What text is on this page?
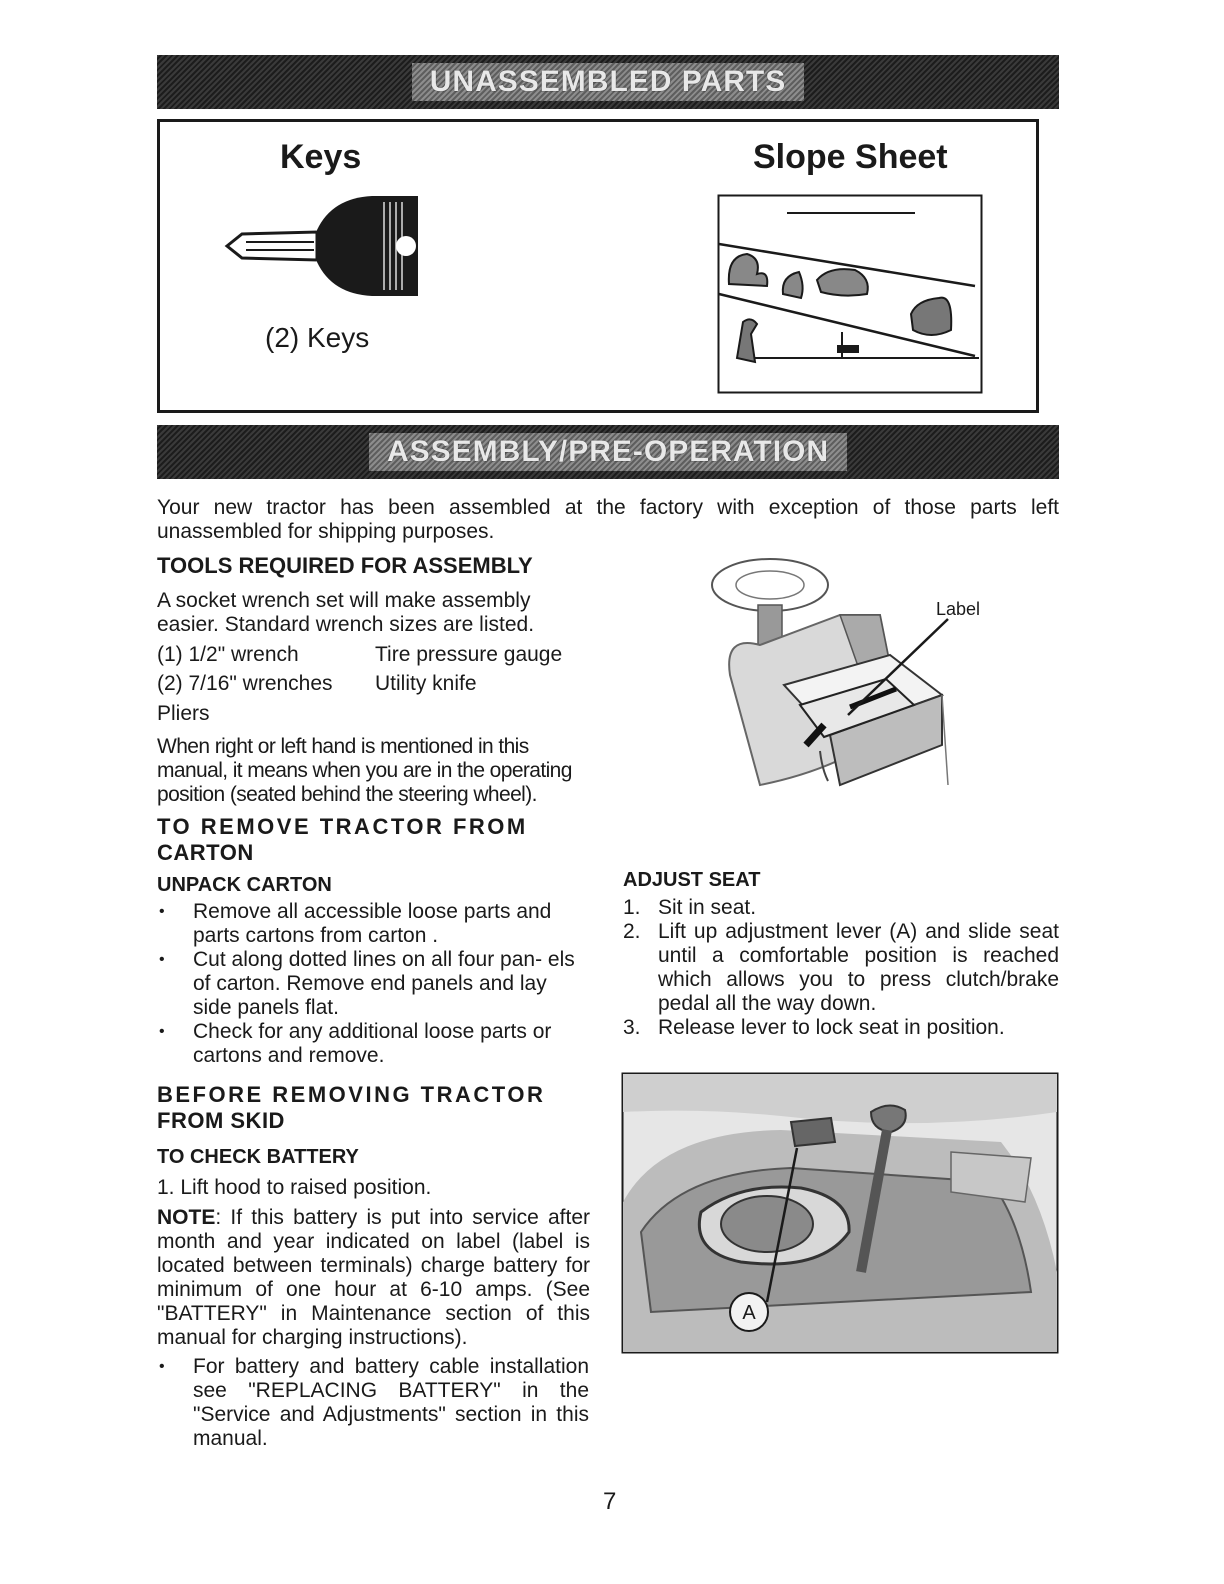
UNASSEMBLED PARTS
Keys	Slope Sheet
(2) Keys
ASSEMBLY/PRE-OPERATION
Your new tractor has been assembled at the factory with exception of those parts left unassembled for shipping purposes.
TOOLS REQUIRED FOR ASSEMBLY
A socket wrench set will make assembly easier. Standard wrench sizes are listed.
(1) 1/2" wrench	Tire pressure gauge
(2) 7/16" wrenches Utility knife
Pliers
When right or left hand is mentioned in this manual, it means when you are in the operating position (seated behind the steering wheel).
TO REMOVE TRACTOR FROM
CARTON
UNPACK CARTON
• Remove all accessible loose parts and parts cartons from carton .
• Cut along dotted lines on all four pan- els of carton. Remove end panels and lay side panels flat.
• Check for any additional loose parts or cartons and remove.
BEFORE REMOVING TRACTOR
FROM SKID
TO CHECK BATTERY
1. Lift hood to raised position.
NOTE: If this battery is put into service after month and year indicated on label (label is located between terminals) charge battery for minimum of one hour at 6-10 amps. (See "BATTERY" in Maintenance section of this manual for charging instructions).
• For battery and battery cable installation see "REPLACING BATTERY" in the "Service and Adjustments" section in this manual.
Label
ADJUST SEAT
1. Sit in seat.
2. Lift up adjustment lever (A) and slide seat until a comfortable position is reached which allows you to press clutch/brake pedal all the way down.
3. Release lever to lock seat in position.
A
7
